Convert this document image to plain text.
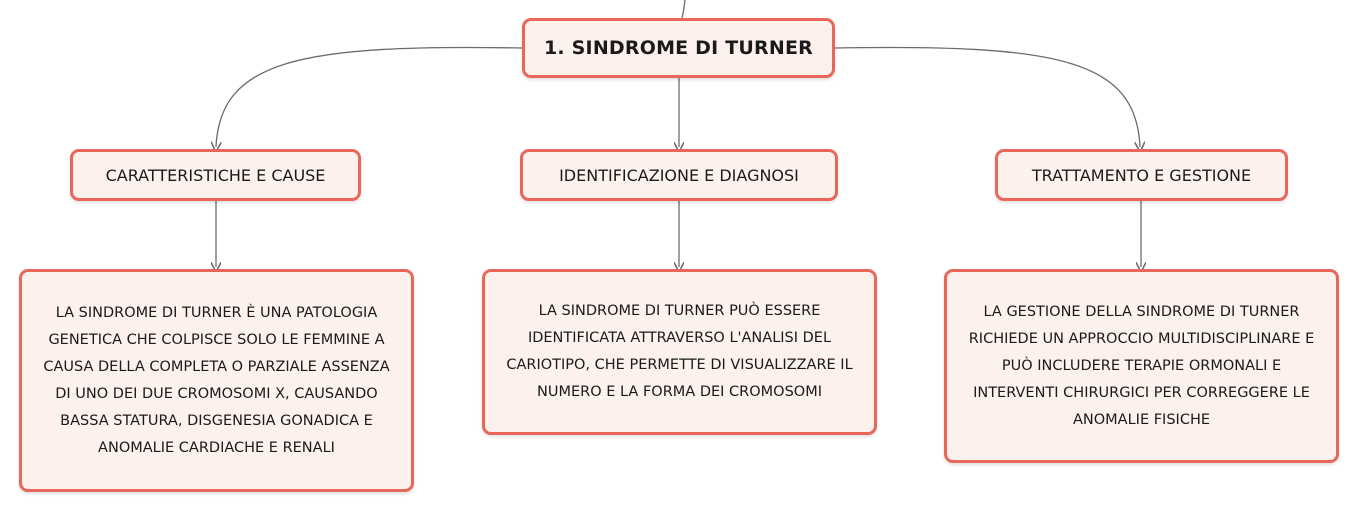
1. SINDROME DI TURNER
CARATTERISTICHE E CAUSE	IDENTIFICAZIONE E DIAGNOSI	TRATTAMENTO E GESTIONE
LA SINDROME DI TURNER È UNA PATOLOGIA GENETICA CHE COLPISCE SOLO LE FEMMINE A CAUSA DELLA COMPLETA O PARZIALE ASSENZA DI UNO DEI DUE CROMOSOMI X, CAUSANDO BASSA STATURA, DISGENESIA GONADICA E ANOMALIE CARDIACHE E RENALI
LA SINDROME DI TURNER PUÒ ESSERE IDENTIFICATA ATTRAVERSO L'ANALISI DEL CARIOTIPO, CHE PERMETTE DI VISUALIZZARE IL NUMERO E LA FORMA DEI CROMOSOMI
LA GESTIONE DELLA SINDROME DI TURNER RICHIEDE UN APPROCCIO MULTIDISCIPLINARE E PUÒ INCLUDERE TERAPIE ORMONALI E INTERVENTI CHIRURGICI PER CORREGGERE LE ANOMALIE FISICHE
